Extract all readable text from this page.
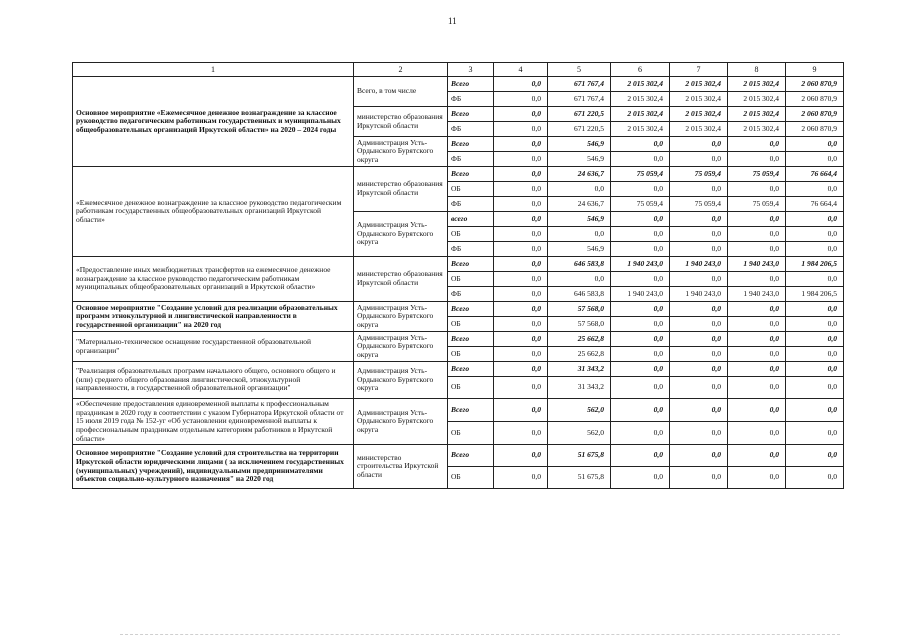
11
1	2	3	4	5	6	7	8	9
Основное мероприятие «Ежемесячное денежное вознаграждение за классное руководство педагогическим работникам государственных и муниципальных общеобразовательных организаций Иркутской области» на 2020 – 2024 годы	Всего, в том числе	Всего	0,0	671 767,4	2 015 302,4	2 015 302,4	2 015 302,4	2 060 870,9
		ФБ	0,0	671 767,4	2 015 302,4	2 015 302,4	2 015 302,4	2 060 870,9
	министерство образования Иркутской области	Всего	0,0	671 220,5	2 015 302,4	2 015 302,4	2 015 302,4	2 060 870,9
		ФБ	0,0	671 220,5	2 015 302,4	2 015 302,4	2 015 302,4	2 060 870,9
	Администрация Усть-Ордынского Бурятского округа	Всего	0,0	546,9	0,0	0,0	0,0	0,0
		ФБ	0,0	546,9	0,0	0,0	0,0	0,0
«Ежемесячное денежное вознаграждение за классное руководство педагогическим работникам государственных общеобразовательных организаций Иркутской области»	министерство образования Иркутской области	Всего	0,0	24 636,7	75 059,4	75 059,4	75 059,4	76 664,4
		ОБ	0,0	0,0	0,0	0,0	0,0	0,0
		ФБ	0,0	24 636,7	75 059,4	75 059,4	75 059,4	76 664,4
	Администрация Усть-Ордынского Бурятского округа	всего	0,0	546,9	0,0	0,0	0,0	0,0
		ОБ	0,0	0,0	0,0	0,0	0,0	0,0
		ФБ	0,0	546,9	0,0	0,0	0,0	0,0
«Предоставление иных межбюджетных трансфертов на ежемесячное денежное вознаграждение за классное руководство педагогическим работникам муниципальных общеобразовательных организаций в Иркутской области»	министерство образования Иркутской области	Всего	0,0	646 583,8	1 940 243,0	1 940 243,0	1 940 243,0	1 984 206,5
		ОБ	0,0	0,0	0,0	0,0	0,0	0,0
		ФБ	0,0	646 583,8	1 940 243,0	1 940 243,0	1 940 243,0	1 984 206,5
Основное мероприятие "Создание условий для реализации образовательных программ этнокультурной и лингвистической направленности в государственной организации" на 2020 год	Администрация Усть-Ордынского Бурятского округа	Всего	0,0	57 568,0	0,0	0,0	0,0	0,0
		ОБ	0,0	57 568,0	0,0	0,0	0,0	0,0
"Материально-техническое оснащение государственной образовательной организации"	Администрация Усть-Ордынского Бурятского округа	Всего	0,0	25 662,8	0,0	0,0	0,0	0,0
		ОБ	0,0	25 662,8	0,0	0,0	0,0	0,0
"Реализация образовательных программ начального общего, основного общего и (или) среднего общего образования лингвистической, этнокультурной направленности, в государственной образовательной организации"	Администрация Усть-Ордынского Бурятского округа	Всего	0,0	31 343,2	0,0	0,0	0,0	0,0
		ОБ	0,0	31 343,2	0,0	0,0	0,0	0,0
«Обеспечение предоставления единовременной выплаты к профессиональным праздникам в 2020 году в соответствии с указом Губернатора Иркутской области от 15 июля 2019 года № 152-уг «Об установлении единовременной выплаты к профессиональным праздникам отдельным категориям работников в Иркутской области»	Администрация Усть-Ордынского Бурятского округа	Всего	0,0	562,0	0,0	0,0	0,0	0,0
		ОБ	0,0	562,0	0,0	0,0	0,0	0,0
Основное мероприятие "Создание условий для строительства на территории Иркутской области юридическими лицами ( за исключением государственных (муниципальных) учреждений), индивидуальными предпринимателями объектов социально-культурного назначения" на 2020 год	министерство строительства Иркутской области	Всего	0,0	51 675,8	0,0	0,0	0,0	0,0
		ОБ	0,0	51 675,8	0,0	0,0	0,0	0,0
